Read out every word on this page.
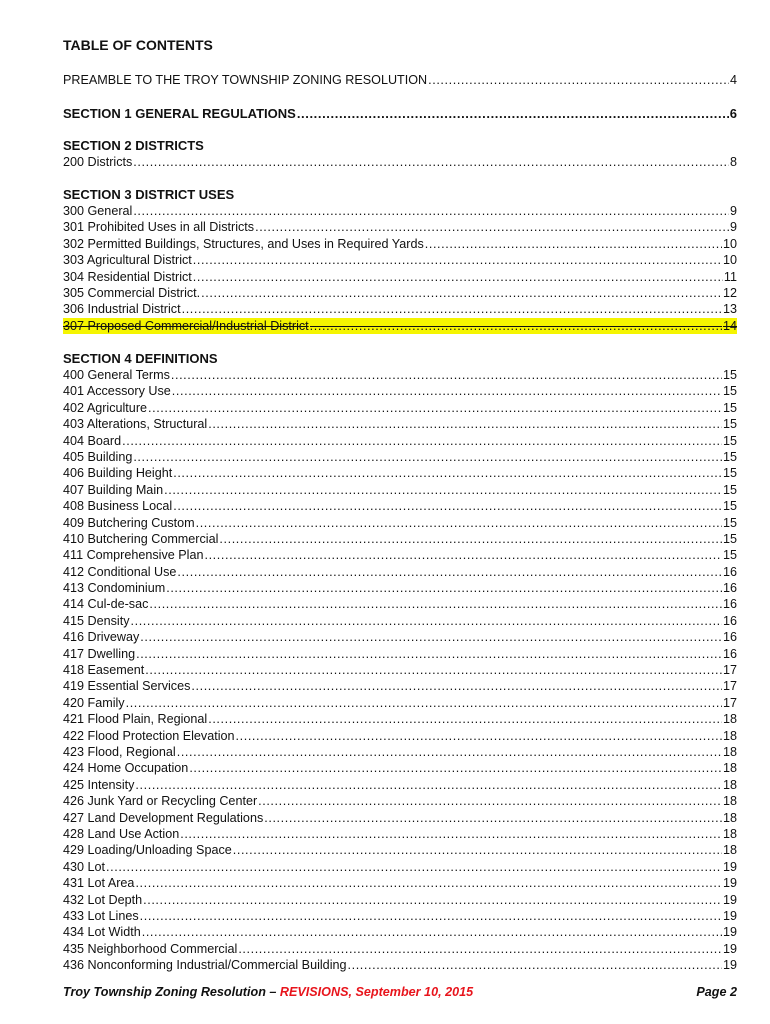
TABLE OF CONTENTS
PREAMBLE TO THE TROY TOWNSHIP ZONING RESOLUTION .....	4
SECTION 1 GENERAL REGULATIONS .....	6
SECTION 2 DISTRICTS
200 Districts .....	8
SECTION 3 DISTRICT USES
300 General .....	9
301 Prohibited Uses in all Districts .....	9
302 Permitted Buildings, Structures, and Uses in Required Yards .....	10
303 Agricultural District .....	10
304 Residential District .....	11
305 Commercial District. .....	12
306 Industrial District .....	13
307 Proposed Commercial/Industrial District .....	14
SECTION 4 DEFINITIONS
400 General Terms .....	15
401 Accessory Use .....	15
402 Agriculture .....	15
403 Alterations, Structural .....	15
404 Board .....	15
405 Building .....	15
406 Building Height .....	15
407 Building Main .....	15
408 Business Local .....	15
409 Butchering Custom .....	15
410 Butchering Commercial .....	15
411 Comprehensive Plan .....	15
412 Conditional Use .....	16
413 Condominium .....	16
414 Cul-de-sac .....	16
415 Density .....	16
416 Driveway .....	16
417 Dwelling .....	16
418 Easement .....	17
419 Essential Services .....	17
420 Family .....	17
421 Flood Plain, Regional .....	18
422 Flood Protection Elevation .....	18
423 Flood, Regional .....	18
424 Home Occupation .....	18
425 Intensity .....	18
426 Junk Yard or Recycling Center .....	18
427 Land Development Regulations .....	18
428 Land Use Action .....	18
429 Loading/Unloading Space .....	18
430 Lot .....	19
431 Lot Area .....	19
432 Lot Depth .....	19
433 Lot Lines .....	19
434 Lot Width .....	19
435 Neighborhood Commercial .....	19
436 Nonconforming Industrial/Commercial Building .....	19
Troy Township Zoning Resolution – REVISIONS, September 10, 2015	Page 2
